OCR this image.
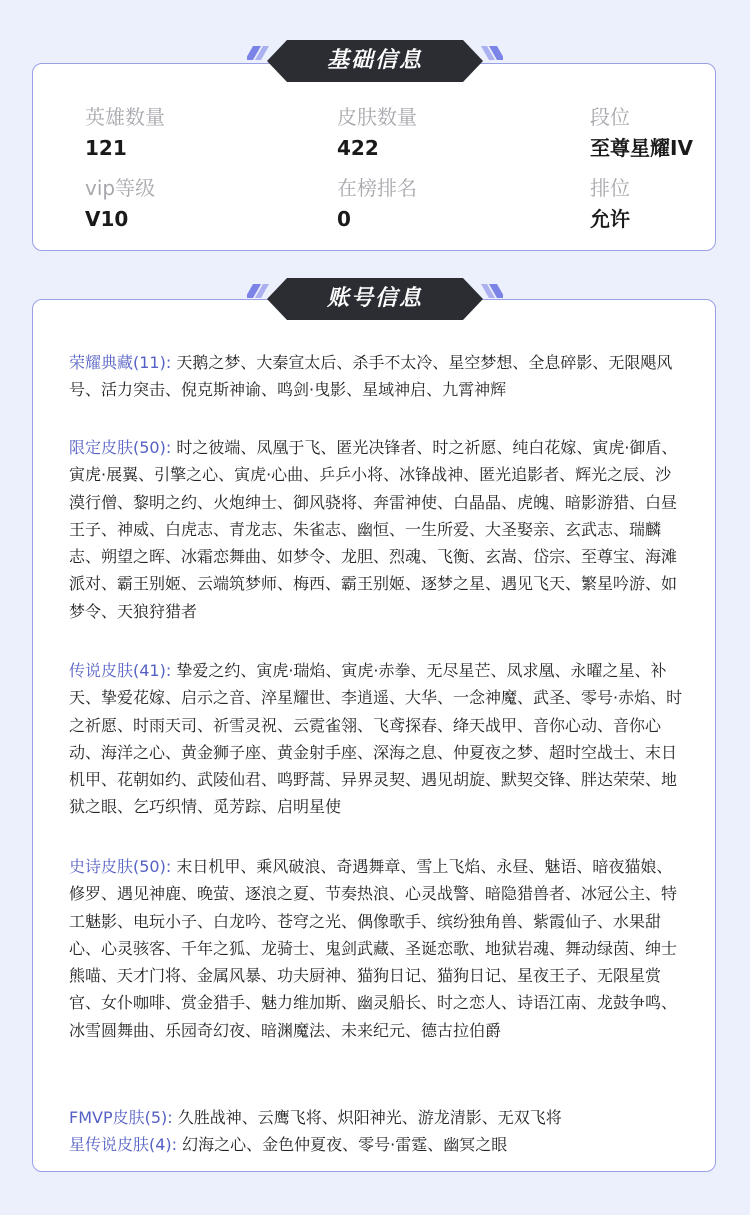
英雄数量
121
皮肤数量
422
段位
至尊星耀IV
vip等级
V10
在榜排名
0
排位
允许
基础信息
荣耀典藏(11): 天鹅之梦、大秦宣太后、杀手不太冷、星空梦想、全息碎影、无限飓风号、活力突击、倪克斯神谕、鸣剑·曳影、星域神启、九霄神辉
限定皮肤(50): 时之彼端、凤凰于飞、匿光决锋者、时之祈愿、纯白花嫁、寅虎·御盾、寅虎·展翼、引擎之心、寅虎·心曲、乒乒小将、冰锋战神、匿光追影者、辉光之辰、沙漠行僧、黎明之约、火炮绅士、御风骁将、奔雷神使、白晶晶、虎魄、暗影游猎、白昼王子、神威、白虎志、青龙志、朱雀志、幽恒、一生所爱、大圣娶亲、玄武志、瑞麟志、朔望之晖、冰霜恋舞曲、如梦令、龙胆、烈魂、飞衡、玄嵩、岱宗、至尊宝、海滩派对、霸王别姬、云端筑梦师、梅西、霸王别姬、逐梦之星、遇见飞天、繁星吟游、如梦令、天狼狩猎者
传说皮肤(41): 挚爱之约、寅虎·瑞焰、寅虎·赤拳、无尽星芒、凤求凰、永曜之星、补天、挚爱花嫁、启示之音、淬星耀世、李逍遥、大华、一念神魔、武圣、零号·赤焰、时之祈愿、时雨天司、祈雪灵祝、云霓雀翎、飞鸢探春、绛天战甲、音你心动、音你心动、海洋之心、黄金狮子座、黄金射手座、深海之息、仲夏夜之梦、超时空战士、末日机甲、花朝如约、武陵仙君、鸣野蒿、异界灵契、遇见胡旋、默契交锋、胖达荣荣、地狱之眼、乞巧织情、觅芳踪、启明星使
史诗皮肤(50): 末日机甲、乘风破浪、奇遇舞章、雪上飞焰、永昼、魅语、暗夜猫娘、修罗、遇见神鹿、晚萤、逐浪之夏、节奏热浪、心灵战警、暗隐猎兽者、冰冠公主、特工魅影、电玩小子、白龙吟、苍穹之光、偶像歌手、缤纷独角兽、紫霞仙子、水果甜心、心灵骇客、千年之狐、龙骑士、鬼剑武藏、圣诞恋歌、地狱岩魂、舞动绿茵、绅士熊喵、天才门将、金属风暴、功夫厨神、猫狗日记、猫狗日记、星夜王子、无限星赏官、女仆咖啡、赏金猎手、魅力维加斯、幽灵船长、时之恋人、诗语江南、龙鼓争鸣、冰雪圆舞曲、乐园奇幻夜、暗渊魔法、未来纪元、德古拉伯爵
FMVP皮肤(5): 久胜战神、云鹰飞将、炽阳神光、游龙清影、无双飞将
星传说皮肤(4): 幻海之心、金色仲夏夜、零号·雷霆、幽冥之眼
账号信息
